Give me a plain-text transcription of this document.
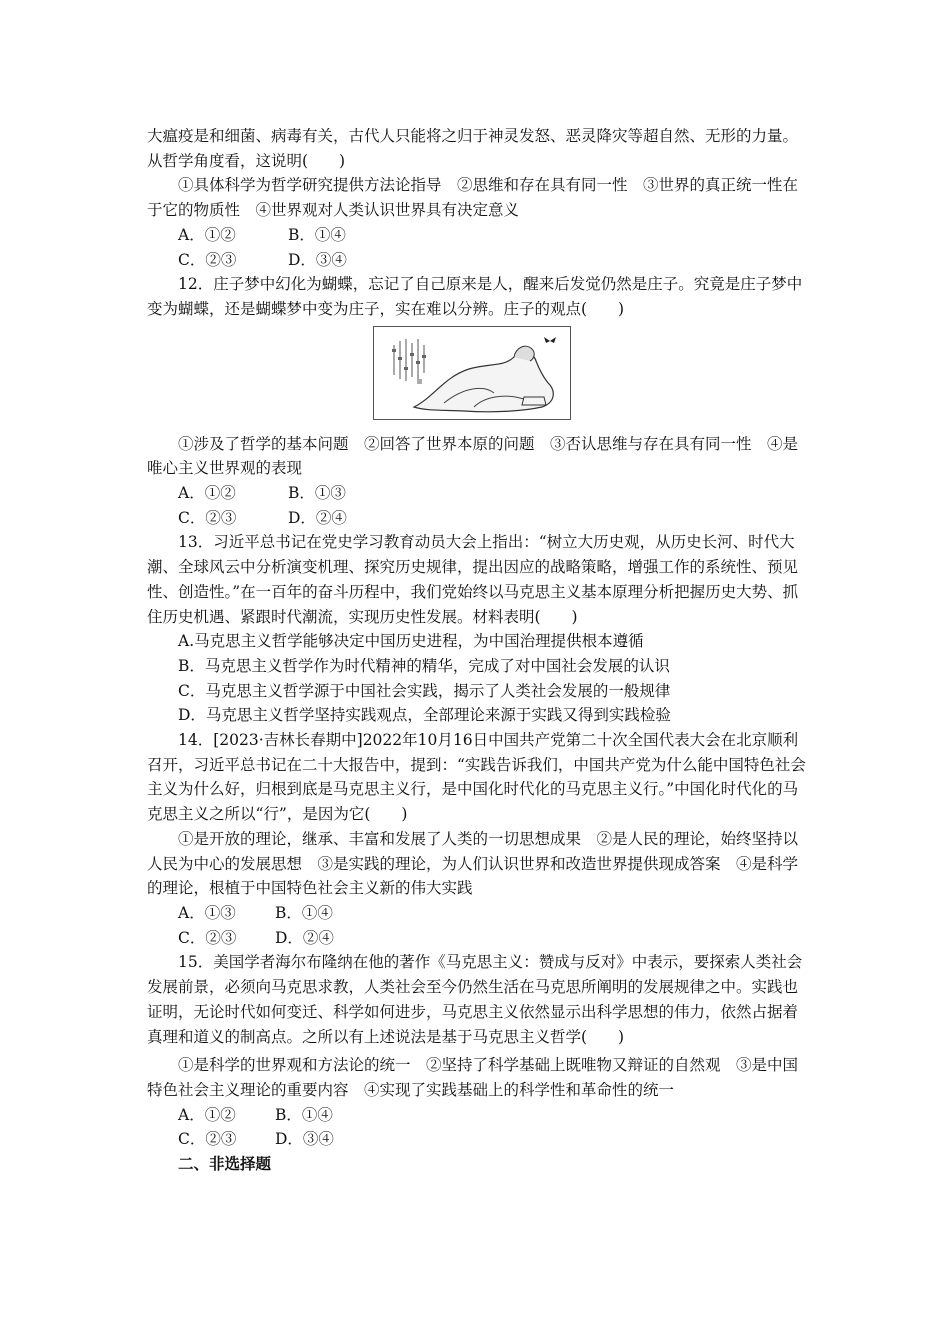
大瘟疫是和细菌、病毒有关，古代人只能将之归于神灵发怒、恶灵降灾等超自然、无形的力量。从哲学角度看，这说明(　　)

①具体科学为哲学研究提供方法论指导　②思维和存在具有同一性　③世界的真正统一性在于它的物质性　④世界观对人类认识世界具有决定意义

A．①②	B．①④
C．②③	D．③④

12．庄子梦中幻化为蝴蝶，忘记了自己原来是人，醒来后发觉仍然是庄子。究竟是庄子梦中变为蝴蝶，还是蝴蝶梦中变为庄子，实在难以分辨。庄子的观点(　　)

①涉及了哲学的基本问题　②回答了世界本原的问题　③否认思维与存在具有同一性　④是唯心主义世界观的表现

A．①②	B．①③
C．②③	D．②④

13．习近平总书记在党史学习教育动员大会上指出：“树立大历史观，从历史长河、时代大潮、全球风云中分析演变机理、探究历史规律，提出因应的战略策略，增强工作的系统性、预见性、创造性。”在一百年的奋斗历程中，我们党始终以马克思主义基本原理分析把握历史大势、抓住历史机遇、紧跟时代潮流，实现历史性发展。材料表明(　　)

A.马克思主义哲学能够决定中国历史进程，为中国治理提供根本遵循

B．马克思主义哲学作为时代精神的精华，完成了对中国社会发展的认识

C．马克思主义哲学源于中国社会实践，揭示了人类社会发展的一般规律

D．马克思主义哲学坚持实践观点，全部理论来源于实践又得到实践检验

14．[2023·吉林长春期中]2022年10月16日中国共产党第二十次全国代表大会在北京顺利召开，习近平总书记在二十大报告中，提到：“实践告诉我们，中国共产党为什么能中国特色社会主义为什么好，归根到底是马克思主义行，是中国化时代化的马克思主义行。”中国化时代化的马克思主义之所以“行”，是因为它(　　)

①是开放的理论，继承、丰富和发展了人类的一切思想成果　②是人民的理论，始终坚持以人民为中心的发展思想　③是实践的理论，为人们认识世界和改造世界提供现成答案　④是科学的理论，根植于中国特色社会主义新的伟大实践

A．①③	B．①④
C．②③	D．②④

15．美国学者海尔布隆纳在他的著作《马克思主义：赞成与反对》中表示，要探索人类社会发展前景，必须向马克思求教，人类社会至今仍然生活在马克思所阐明的发展规律之中。实践也证明，无论时代如何变迁、科学如何进步，马克思主义依然显示出科学思想的伟力，依然占据着真理和道义的制高点。之所以有上述说法是基于马克思主义哲学(　　)

①是科学的世界观和方法论的统一　②坚持了科学基础上既唯物又辩证的自然观　③是中国特色社会主义理论的重要内容　④实现了实践基础上的科学性和革命性的统一

A．①②	B．①④
C．②③	D．③④

二、非选择题
